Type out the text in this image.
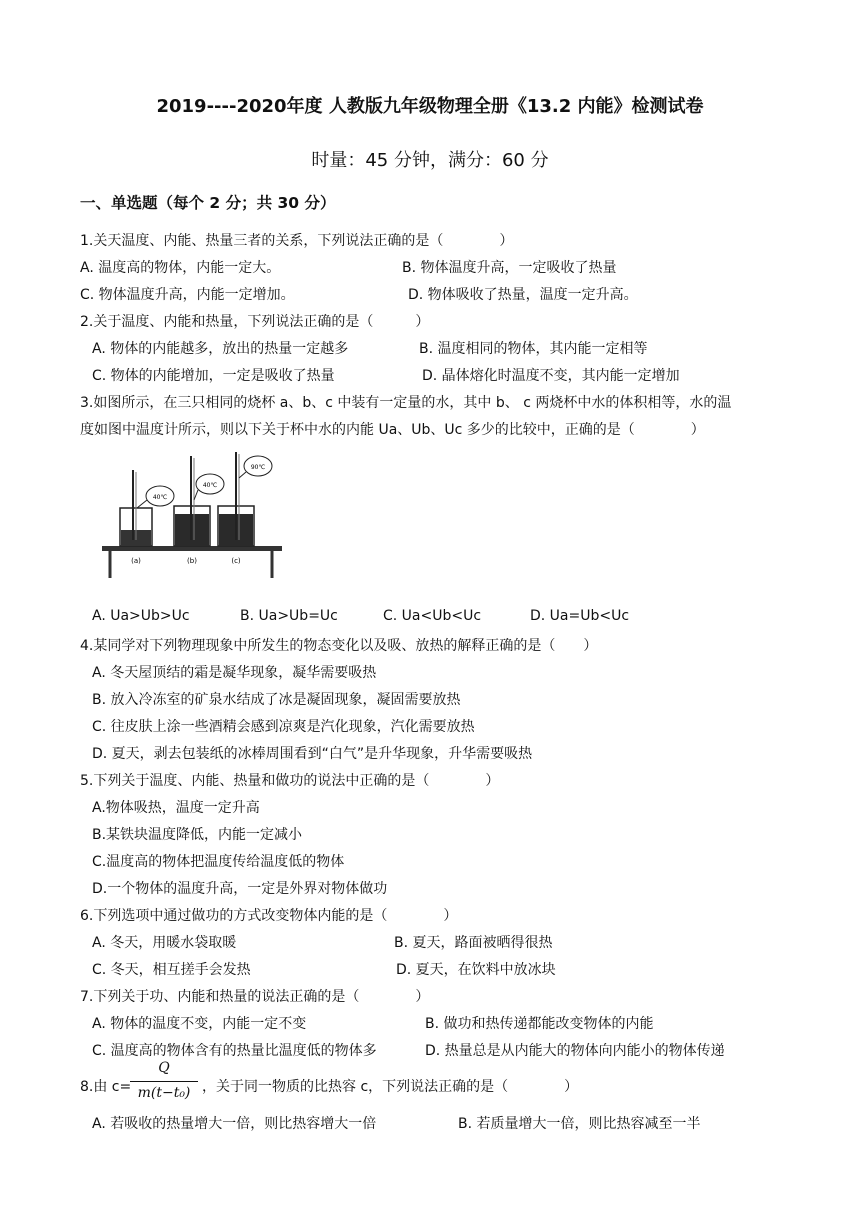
2019----2020年度 人教版九年级物理全册《13.2 内能》检测试卷
时量：45 分钟，满分：60 分
一、单选题（每个 2 分；共 30 分）
1.关天温度、内能、热量三者的关系，下列说法正确的是（　　　　）
A. 温度高的物体，内能一定大。	B. 物体温度升高，一定吸收了热量
C. 物体温度升高，内能一定增加。	D. 物体吸收了热量，温度一定升高。
2.关于温度、内能和热量，下列说法正确的是（　　　）
A. 物体的内能越多，放出的热量一定越多	B. 温度相同的物体，其内能一定相等
C. 物体的内能增加，一定是吸收了热量	D. 晶体熔化时温度不变，其内能一定增加
3.如图所示，在三只相同的烧杯 a、b、c 中装有一定量的水，其中 b、 c 两烧杯中水的体积相等，水的温
度如图中温度计所示，则以下关于杯中水的内能 Ua、Ub、Uc 多少的比较中，正确的是（　　　　）
40℃
40℃
90℃
(a)	(b)	(c)
A. Ua>Ub>Uc	B. Ua>Ub=Uc	C. Ua<Ub<Uc	D. Ua=Ub<Uc
4.某同学对下列物理现象中所发生的物态变化以及吸、放热的解释正确的是（　　）
A. 冬天屋顶结的霜是凝华现象，凝华需要吸热
B. 放入冷冻室的矿泉水结成了冰是凝固现象，凝固需要放热
C. 往皮肤上涂一些酒精会感到凉爽是汽化现象，汽化需要放热
D. 夏天，剥去包装纸的冰棒周围看到“白气”是升华现象，升华需要吸热
5.下列关于温度、内能、热量和做功的说法中正确的是（　　　　）
A.物体吸热，温度一定升高
B.某铁块温度降低，内能一定减小
C.温度高的物体把温度传给温度低的物体
D.一个物体的温度升高，一定是外界对物体做功
6.下列选项中通过做功的方式改变物体内能的是（　　　　）
A. 冬天，用暖水袋取暖	B. 夏天，路面被晒得很热
C. 冬天，相互搓手会发热	D. 夏天，在饮料中放冰块
7.下列关于功、内能和热量的说法正确的是（　　　　）
A. 物体的温度不变，内能一定不变	B. 做功和热传递都能改变物体的内能
C. 温度高的物体含有的热量比温度低的物体多	D. 热量总是从内能大的物体向内能小的物体传递
8.由 c=
Q
m(t−t₀) ，关于同一物质的比热容 c，下列说法正确的是（　　　　）
A. 若吸收的热量增大一倍，则比热容增大一倍	B. 若质量增大一倍，则比热容减至一半
